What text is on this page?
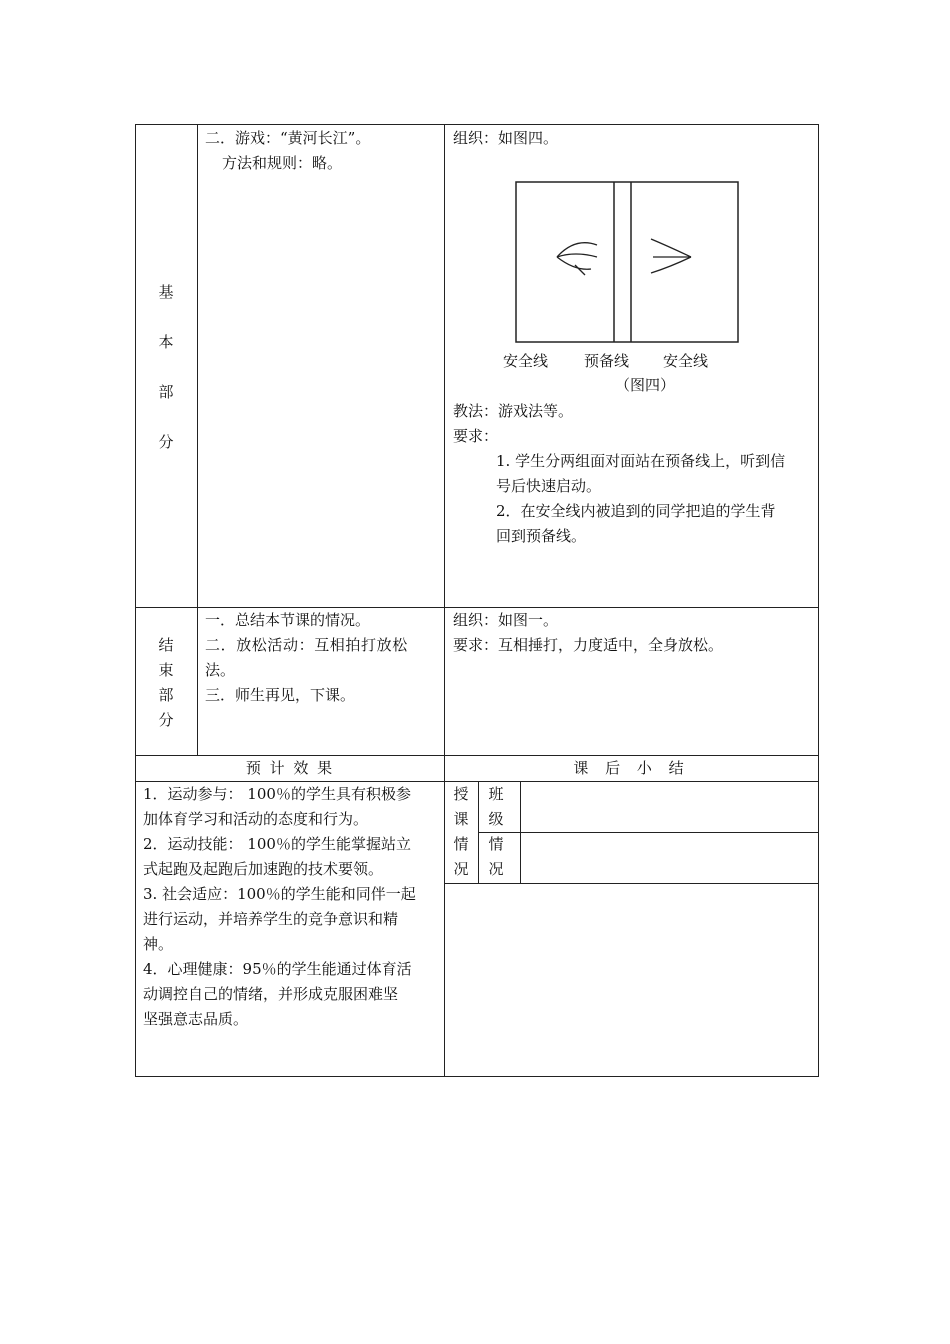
基
本
部
分
二．游戏：“黄河长江”。
方法和规则：略。
组织：如图四。
安全线 预备线 安全线
（图四）
教法：游戏法等。
要求：
1. 学生分两组面对面站在预备线上，听到信
号后快速启动。
2．在安全线内被追到的同学把追的学生背
回到预备线。
结
束
部
分
一．总结本节课的情况。
二．放松活动：互相拍打放松
法。
三．师生再见，下课。
组织：如图一。
要求：互相捶打，力度适中，全身放松。
预 计 效 果	课 后 小 结
1．运动参与： 100％的学生具有积极参
加体育学习和活动的态度和行为。
2．运动技能： 100％的学生能掌握站立
式起跑及起跑后加速跑的技术要领。
3. 社会适应：100％的学生能和同伴一起
进行运动，并培养学生的竞争意识和精
神。
4．心理健康：95％的学生能通过体育活
动调控自己的情绪，并形成克服困难坚
坚强意志品质。
授
课
情
况
班
级
情
况
